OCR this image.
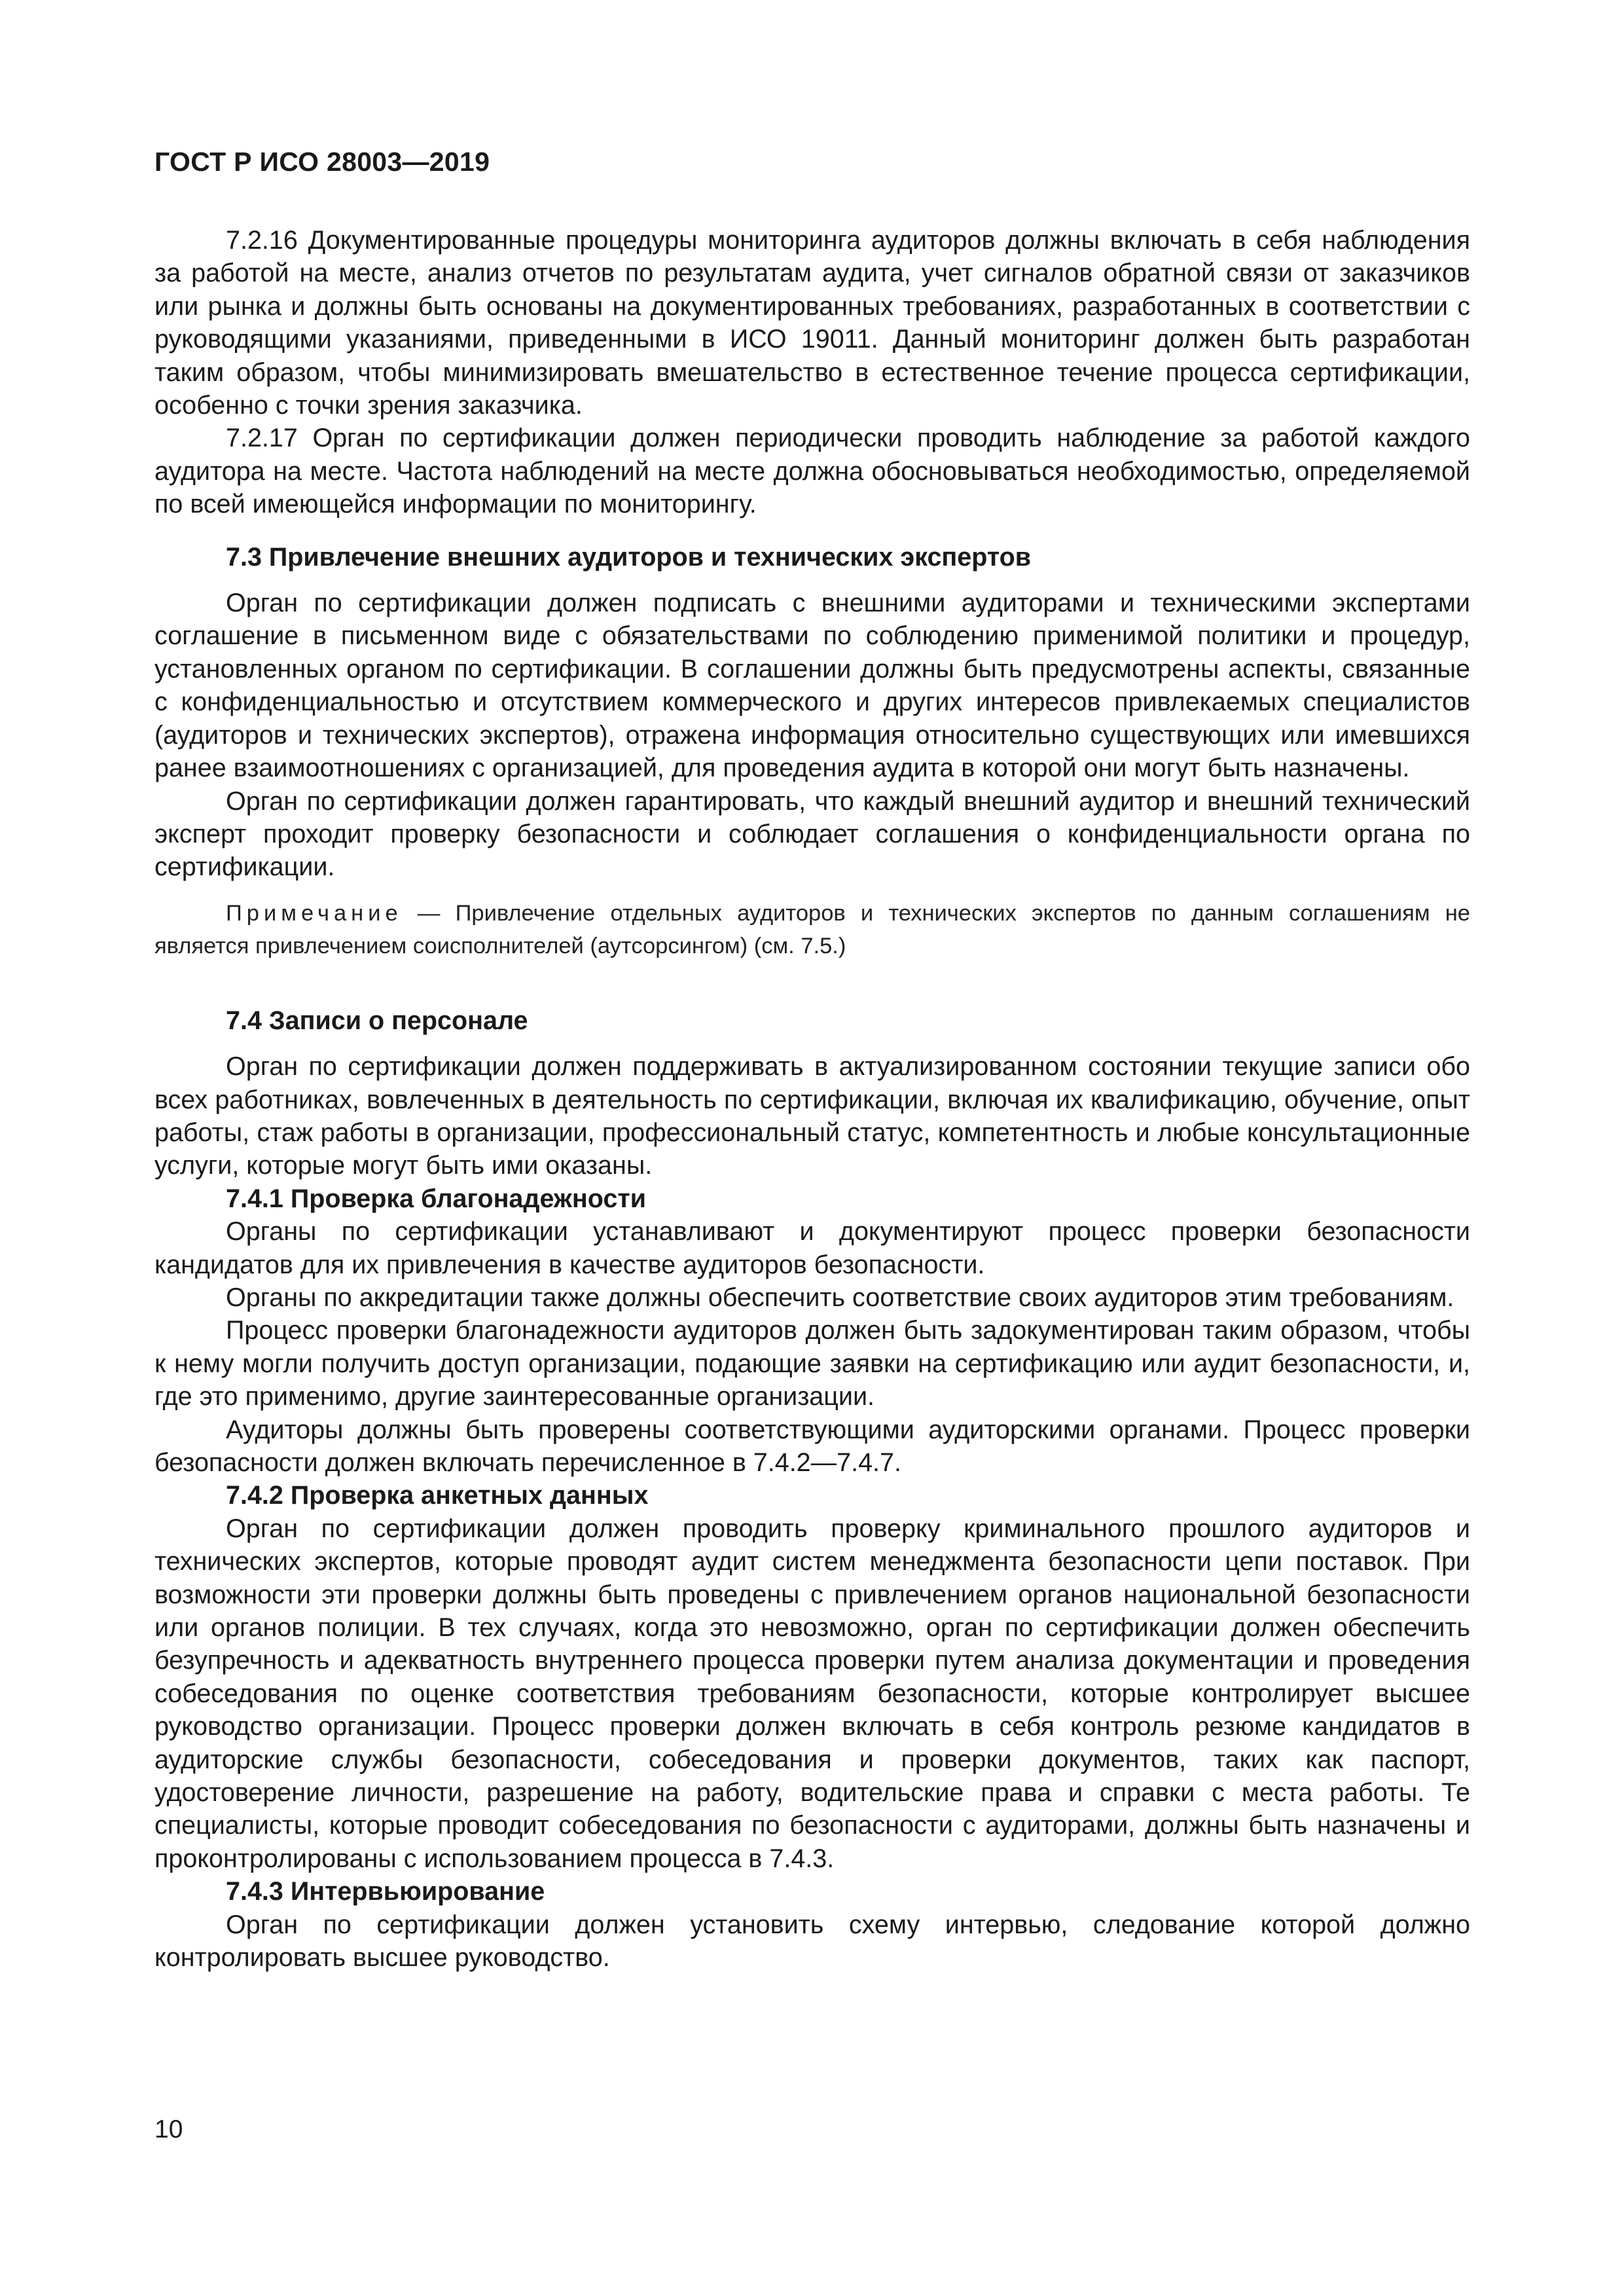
ГОСТ Р ИСО 28003—2019

7.2.16 Документированные процедуры мониторинга аудиторов должны включать в себя наблюдения за работой на месте, анализ отчетов по результатам аудита, учет сигналов обратной связи от заказчиков или рынка и должны быть основаны на документированных требованиях, разработанных в соответствии с руководящими указаниями, приведенными в ИСО 19011. Данный мониторинг должен быть разработан таким образом, чтобы минимизировать вмешательство в естественное течение процесса сертификации, особенно с точки зрения заказчика.

7.2.17 Орган по сертификации должен периодически проводить наблюдение за работой каждого аудитора на месте. Частота наблюдений на месте должна обосновываться необходимостью, определяемой по всей имеющейся информации по мониторингу.

7.3 Привлечение внешних аудиторов и технических экспертов

Орган по сертификации должен подписать с внешними аудиторами и техническими экспертами соглашение в письменном виде с обязательствами по соблюдению применимой политики и процедур, установленных органом по сертификации. В соглашении должны быть предусмотрены аспекты, связанные с конфиденциальностью и отсутствием коммерческого и других интересов привлекаемых специалистов (аудиторов и технических экспертов), отражена информация относительно существующих или имевшихся ранее взаимоотношениях с организацией, для проведения аудита в которой они могут быть назначены.

Орган по сертификации должен гарантировать, что каждый внешний аудитор и внешний технический эксперт проходит проверку безопасности и соблюдает соглашения о конфиденциальности органа по сертификации.

Примечание — Привлечение отдельных аудиторов и технических экспертов по данным соглашениям не является привлечением соисполнителей (аутсорсингом) (см. 7.5.)

7.4 Записи о персонале

Орган по сертификации должен поддерживать в актуализированном состоянии текущие записи обо всех работниках, вовлеченных в деятельность по сертификации, включая их квалификацию, обучение, опыт работы, стаж работы в организации, профессиональный статус, компетентность и любые консультационные услуги, которые могут быть ими оказаны.

7.4.1 Проверка благонадежности

Органы по сертификации устанавливают и документируют процесс проверки безопасности кандидатов для их привлечения в качестве аудиторов безопасности.

Органы по аккредитации также должны обеспечить соответствие своих аудиторов этим требованиям.

Процесс проверки благонадежности аудиторов должен быть задокументирован таким образом, чтобы к нему могли получить доступ организации, подающие заявки на сертификацию или аудит безопасности, и, где это применимо, другие заинтересованные организации.

Аудиторы должны быть проверены соответствующими аудиторскими органами. Процесс проверки безопасности должен включать перечисленное в 7.4.2—7.4.7.

7.4.2 Проверка анкетных данных

Орган по сертификации должен проводить проверку криминального прошлого аудиторов и технических экспертов, которые проводят аудит систем менеджмента безопасности цепи поставок. При возможности эти проверки должны быть проведены с привлечением органов национальной безопасности или органов полиции. В тех случаях, когда это невозможно, орган по сертификации должен обеспечить безупречность и адекватность внутреннего процесса проверки путем анализа документации и проведения собеседования по оценке соответствия требованиям безопасности, которые контролирует высшее руководство организации. Процесс проверки должен включать в себя контроль резюме кандидатов в аудиторские службы безопасности, собеседования и проверки документов, таких как паспорт, удостоверение личности, разрешение на работу, водительские права и справки с места работы. Те специалисты, которые проводит собеседования по безопасности с аудиторами, должны быть назначены и проконтролированы с использованием процесса в 7.4.3.

7.4.3 Интервьюирование

Орган по сертификации должен установить схему интервью, следование которой должно контролировать высшее руководство.

10
